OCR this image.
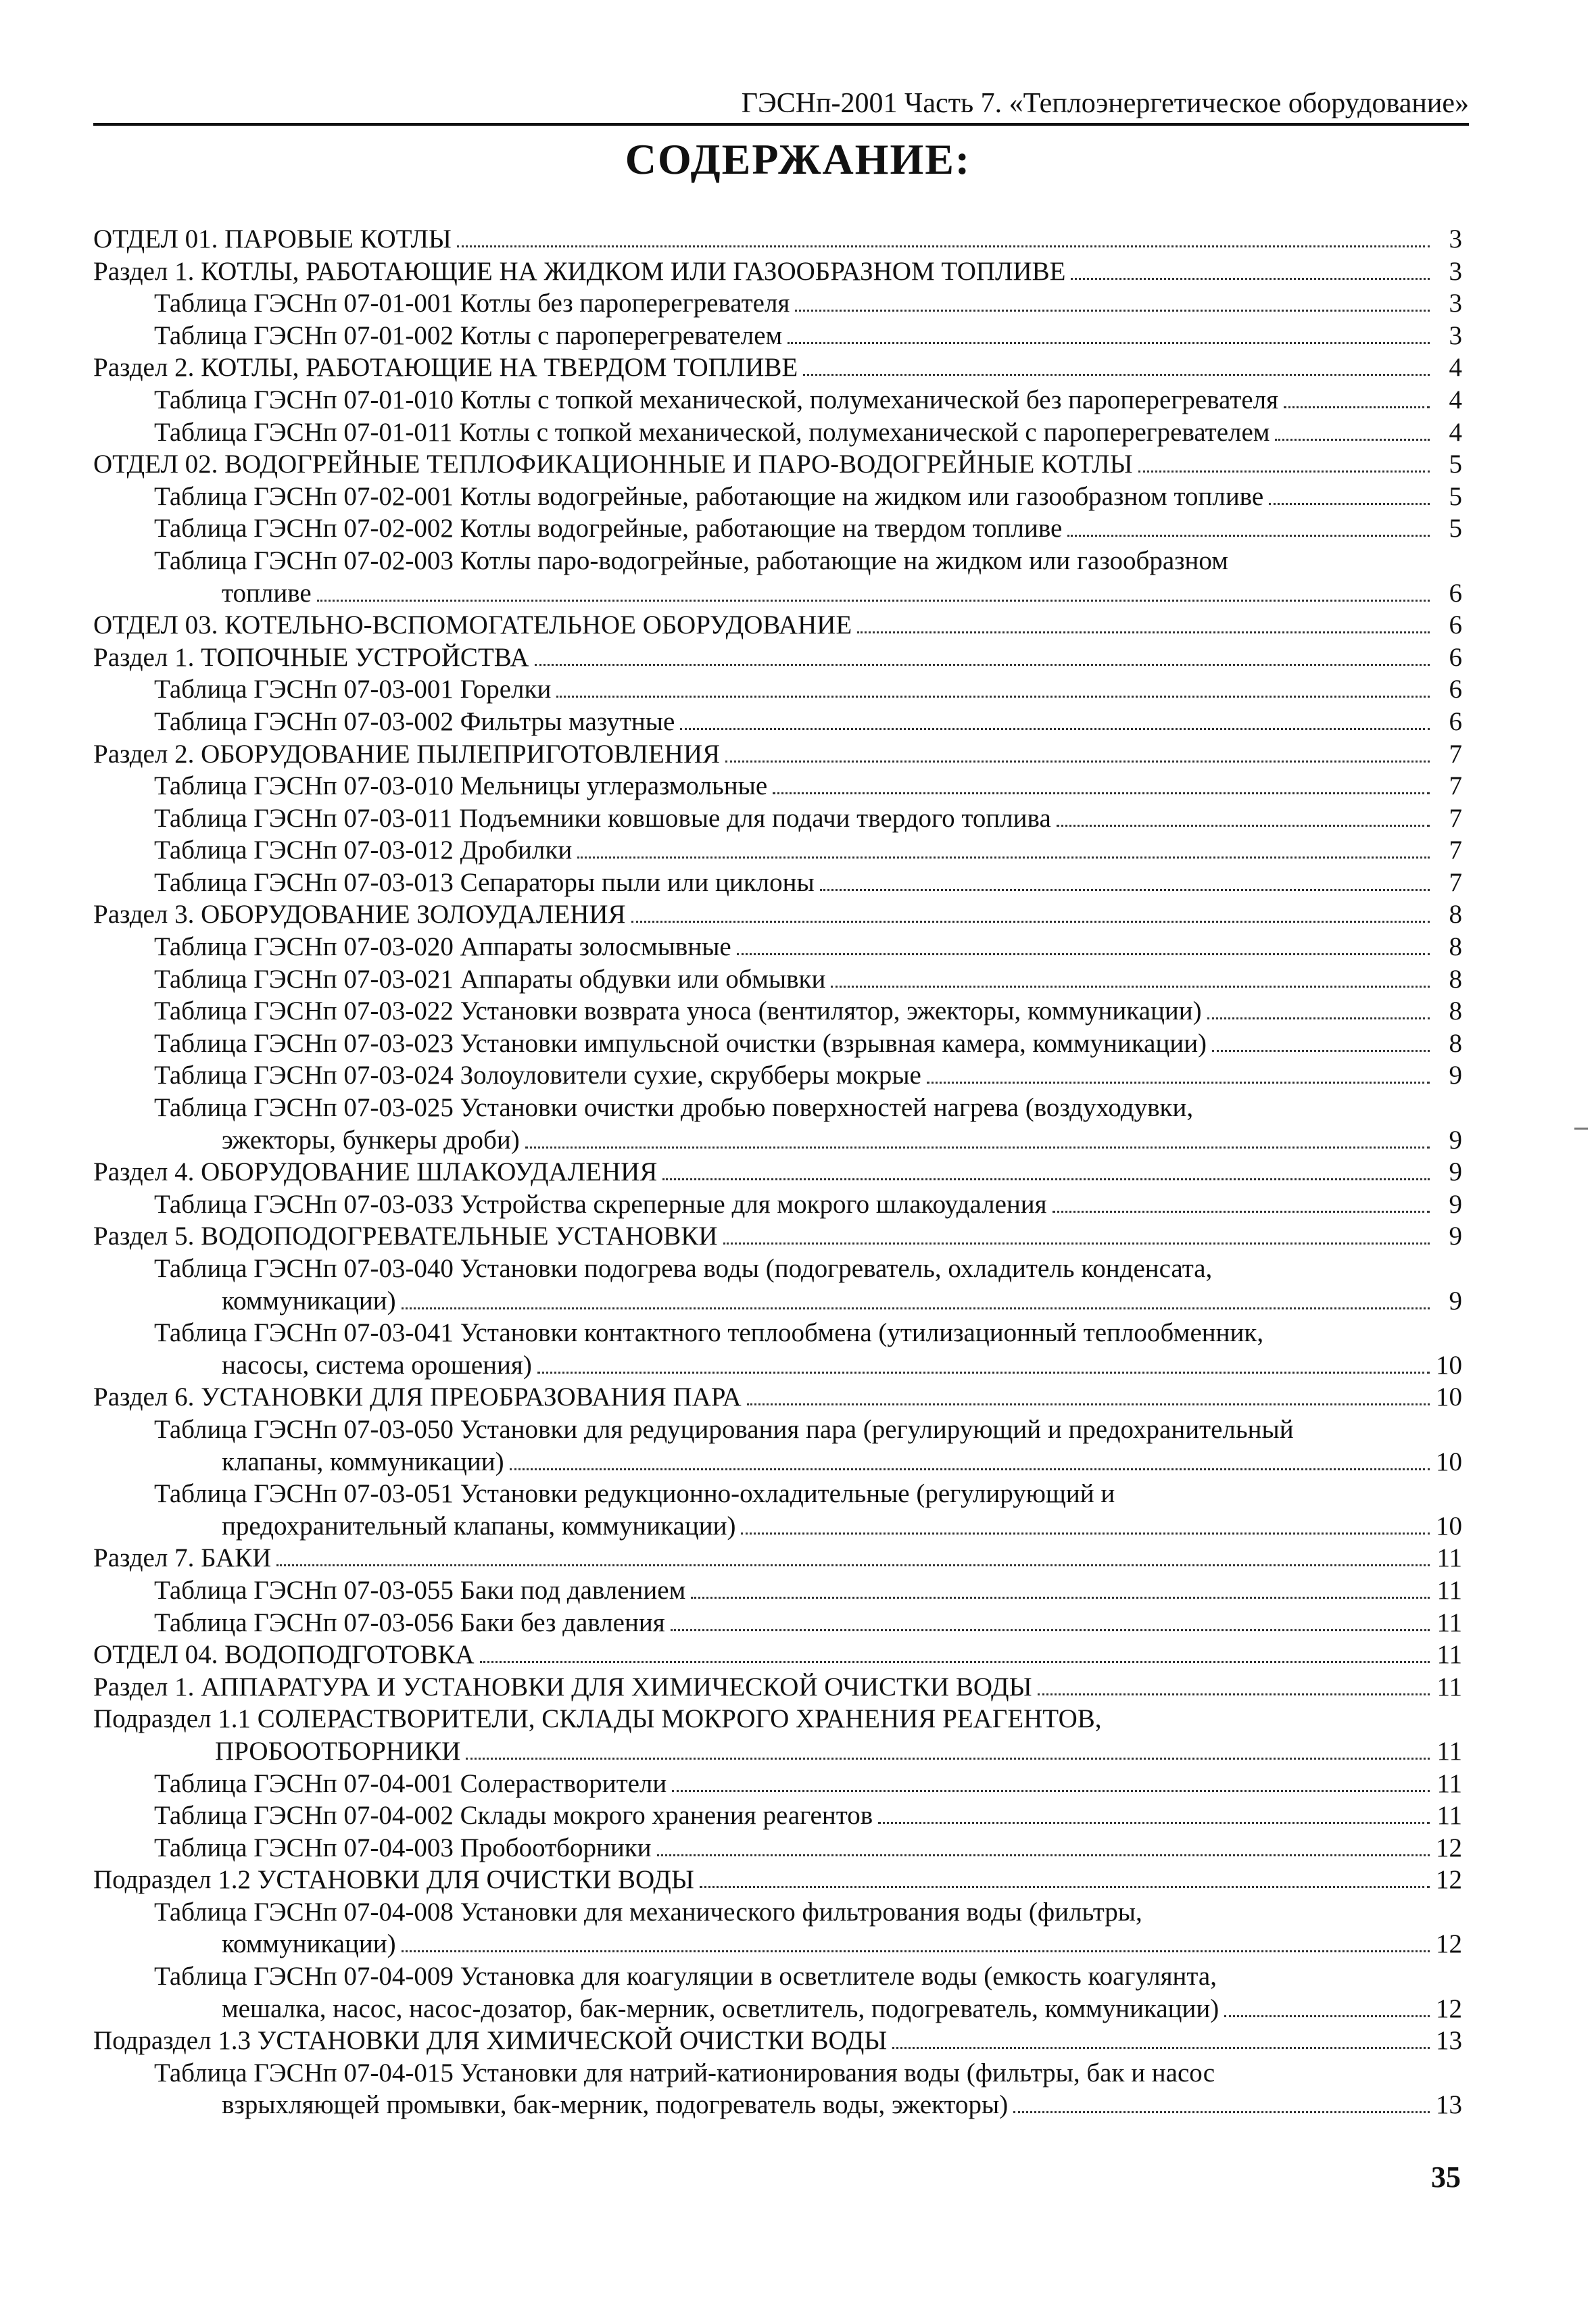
ГЭСНп-2001 Часть 7. «Теплоэнергетическое оборудование»
СОДЕРЖАНИЕ:
ОТДЕЛ 01. ПАРОВЫЕ КОТЛЫ	3
Раздел 1. КОТЛЫ, РАБОТАЮЩИЕ НА ЖИДКОМ ИЛИ ГАЗООБРАЗНОМ ТОПЛИВЕ	3
Таблица ГЭСНп 07-01-001 Котлы без пароперегревателя	3
Таблица ГЭСНп 07-01-002 Котлы с пароперегревателем	3
Раздел 2. КОТЛЫ, РАБОТАЮЩИЕ НА ТВЕРДОМ ТОПЛИВЕ	4
Таблица ГЭСНп 07-01-010 Котлы с топкой механической, полумеханической без пароперегревателя	4
Таблица ГЭСНп 07-01-011 Котлы с топкой механической, полумеханической с пароперегревателем	4
ОТДЕЛ 02. ВОДОГРЕЙНЫЕ ТЕПЛОФИКАЦИОННЫЕ И ПАРО-ВОДОГРЕЙНЫЕ КОТЛЫ	5
Таблица ГЭСНп 07-02-001 Котлы водогрейные, работающие на жидком или газообразном топливе	5
Таблица ГЭСНп 07-02-002 Котлы водогрейные, работающие на твердом топливе	5
Таблица ГЭСНп 07-02-003 Котлы паро-водогрейные, работающие на жидком или газообразном
топливе	6
ОТДЕЛ 03. КОТЕЛЬНО-ВСПОМОГАТЕЛЬНОЕ ОБОРУДОВАНИЕ	6
Раздел 1. ТОПОЧНЫЕ УСТРОЙСТВА	6
Таблица ГЭСНп 07-03-001 Горелки	6
Таблица ГЭСНп 07-03-002 Фильтры мазутные	6
Раздел 2. ОБОРУДОВАНИЕ ПЫЛЕПРИГОТОВЛЕНИЯ	7
Таблица ГЭСНп 07-03-010 Мельницы углеразмольные	7
Таблица ГЭСНп 07-03-011 Подъемники ковшовые для подачи твердого топлива	7
Таблица ГЭСНп 07-03-012 Дробилки	7
Таблица ГЭСНп 07-03-013 Сепараторы пыли или циклоны	7
Раздел 3. ОБОРУДОВАНИЕ ЗОЛОУДАЛЕНИЯ	8
Таблица ГЭСНп 07-03-020 Аппараты золосмывные	8
Таблица ГЭСНп 07-03-021 Аппараты обдувки или обмывки	8
Таблица ГЭСНп 07-03-022 Установки возврата уноса (вентилятор, эжекторы, коммуникации)	8
Таблица ГЭСНп 07-03-023 Установки импульсной очистки (взрывная камера, коммуникации)	8
Таблица ГЭСНп 07-03-024 Золоуловители сухие, скрубберы мокрые	9
Таблица ГЭСНп 07-03-025 Установки очистки дробью поверхностей нагрева (воздуходувки,
эжекторы, бункеры дроби)	9
Раздел 4. ОБОРУДОВАНИЕ ШЛАКОУДАЛЕНИЯ	9
Таблица ГЭСНп 07-03-033 Устройства скреперные для мокрого шлакоудаления	9
Раздел 5. ВОДОПОДОГРЕВАТЕЛЬНЫЕ УСТАНОВКИ	9
Таблица ГЭСНп 07-03-040 Установки подогрева воды (подогреватель, охладитель конденсата,
коммуникации)	9
Таблица ГЭСНп 07-03-041 Установки контактного теплообмена (утилизационный теплообменник,
насосы, система орошения)	10
Раздел 6. УСТАНОВКИ ДЛЯ ПРЕОБРАЗОВАНИЯ ПАРА	10
Таблица ГЭСНп 07-03-050 Установки для редуцирования пара (регулирующий и предохранительный
клапаны, коммуникации)	10
Таблица ГЭСНп 07-03-051 Установки редукционно-охладительные (регулирующий и
предохранительный клапаны, коммуникации)	10
Раздел 7. БАКИ	11
Таблица ГЭСНп 07-03-055 Баки под давлением	11
Таблица ГЭСНп 07-03-056 Баки без давления	11
ОТДЕЛ 04. ВОДОПОДГОТОВКА	11
Раздел 1. АППАРАТУРА И УСТАНОВКИ ДЛЯ ХИМИЧЕСКОЙ ОЧИСТКИ ВОДЫ	11
Подраздел 1.1 СОЛЕРАСТВОРИТЕЛИ, СКЛАДЫ МОКРОГО ХРАНЕНИЯ РЕАГЕНТОВ,
ПРОБООТБОРНИКИ	11
Таблица ГЭСНп 07-04-001 Солерастворители	11
Таблица ГЭСНп 07-04-002 Склады мокрого хранения реагентов	11
Таблица ГЭСНп 07-04-003 Пробоотборники	12
Подраздел 1.2 УСТАНОВКИ ДЛЯ ОЧИСТКИ ВОДЫ	12
Таблица ГЭСНп 07-04-008 Установки для механического фильтрования воды (фильтры,
коммуникации)	12
Таблица ГЭСНп 07-04-009 Установка для коагуляции в осветлителе воды (емкость коагулянта,
мешалка, насос, насос-дозатор, бак-мерник, осветлитель, подогреватель, коммуникации)	12
Подраздел 1.3 УСТАНОВКИ ДЛЯ ХИМИЧЕСКОЙ ОЧИСТКИ ВОДЫ	13
Таблица ГЭСНп 07-04-015 Установки для натрий-катионирования воды (фильтры, бак и насос
взрыхляющей промывки, бак-мерник, подогреватель воды, эжекторы)	13
35
